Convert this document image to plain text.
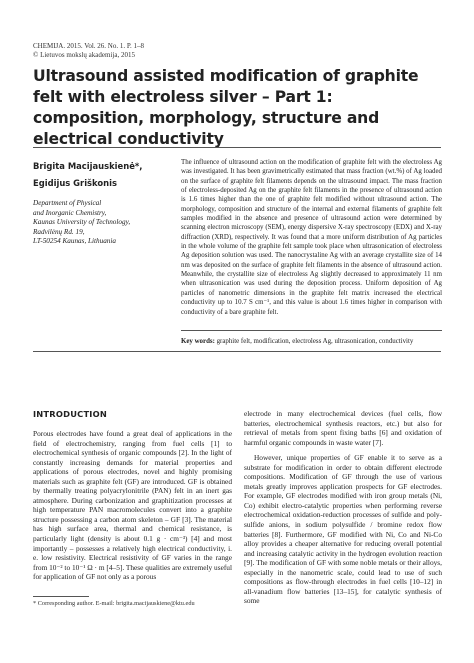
CHEMIJA. 2015. Vol. 26. No. 1. P. 1–8
© Lietuvos mokslų akademija, 2015
Ultrasound assisted modification of graphite felt with electroless silver – Part 1: composition, morphology, structure and electrical conductivity
Brigita Macijauskienė*,
Egidijus Griškonis
Department of Physical
and Inorganic Chemistry,
Kaunas University of Technology,
Radvilėnų Rd. 19,
LT-50254 Kaunas, Lithuania

The influence of ultrasound action on the modification of graphite felt with the electroless Ag was investigated. It has been gravimetrically estimated that mass fraction (wt.%) of Ag loaded on the surface of graphite felt filaments depends on the ultrasound impact. The mass fraction of electroless-deposited Ag on the graphite felt filaments in the presence of ultrasound action is 1.6 times higher than the one of graphite felt modified without ultrasound action. The morphology, composition and structure of the internal and external filaments of graphite felt samples modified in the absence and presence of ultrasound action were determined by scanning electron microscopy (SEM), energy dispersive X-ray spectroscopy (EDX) and X-ray diffraction (XRD), respectively. It was found that a more uniform distribution of Ag particles in the whole volume of the graphite felt sample took place when ultrasonication of electroless Ag deposition solution was used. The nanocrystaline Ag with an average crystallite size of 14 nm was deposited on the surface of graphite felt filaments in the absence of ultrasound action. Meanwhile, the crystallite size of electroless Ag slightly decreased to approximately 11 nm when ultrasonication was used during the deposition process. Uniform deposition of Ag particles of nanometric dimensions in the graphite felt matrix increased the electrical conductivity up to 10.7 S cm⁻¹, and this value is about 1.6 times higher in comparison with conductivity of a bare graphite felt.

Key words: graphite felt, modification, electroless Ag, ultrasonication, conductivity

INTRODUCTION

Porous electrodes have found a great deal of applications in the field of electrochemistry, ranging from fuel cells [1] to electrochemical synthesis of organic compounds [2]. In the light of constantly increasing demands for material properties and applications of porous electrodes, novel and highly promising materials such as graphite felt (GF) are introduced. GF is obtained by thermally treating polyacrylonitrile (PAN) felt in an inert gas atmosphere. During carbonization and graphitization processes at high temperature PAN macromolecules convert into a graphite structure possessing a carbon atom skeleton – GF [3]. The material has high surface area, thermal and chemical resistance, is particularly light (density is about 0.1 g · cm⁻³) [4] and most importantly – possesses a relatively high electrical conductivity, i. e. low resistivity. Electrical resistivity of GF varies in the range from 10⁻² to 10⁻¹ Ω · m [4–5]. These qualities are extremely useful for application of GF not only as a porous

electrode in many electrochemical devices (fuel cells, flow batteries, electrochemical synthesis reactors, etc.) but also for retrieval of metals from spent fixing baths [6] and oxidation of harmful organic compounds in waste water [7].
However, unique properties of GF enable it to serve as a substrate for modification in order to obtain different electrode compositions. Modification of GF through the use of various metals greatly improves application prospects for GF electrodes. For example, GF electrodes modified with iron group metals (Ni, Co) exhibit electro-catalytic properties when performing reverse electrochemical oxidation-reduction processes of sulfide and poly-sulfide anions, in sodium polysulfide / bromine redox flow batteries [8]. Furthermore, GF modified with Ni, Co and Ni-Co alloy provides a cheaper alternative for reducing overall potential and increasing catalytic activity in the hydrogen evolution reaction [9]. The modification of GF with some noble metals or their alloys, especially in the nanometric scale, could lead to use of such compositions as flow-through electrodes in fuel cells [10–12] in all-vanadium flow batteries [13–15], for catalytic synthesis of some
* Corresponding author. E-mail: brigita.macijauskiene@ktu.edu
